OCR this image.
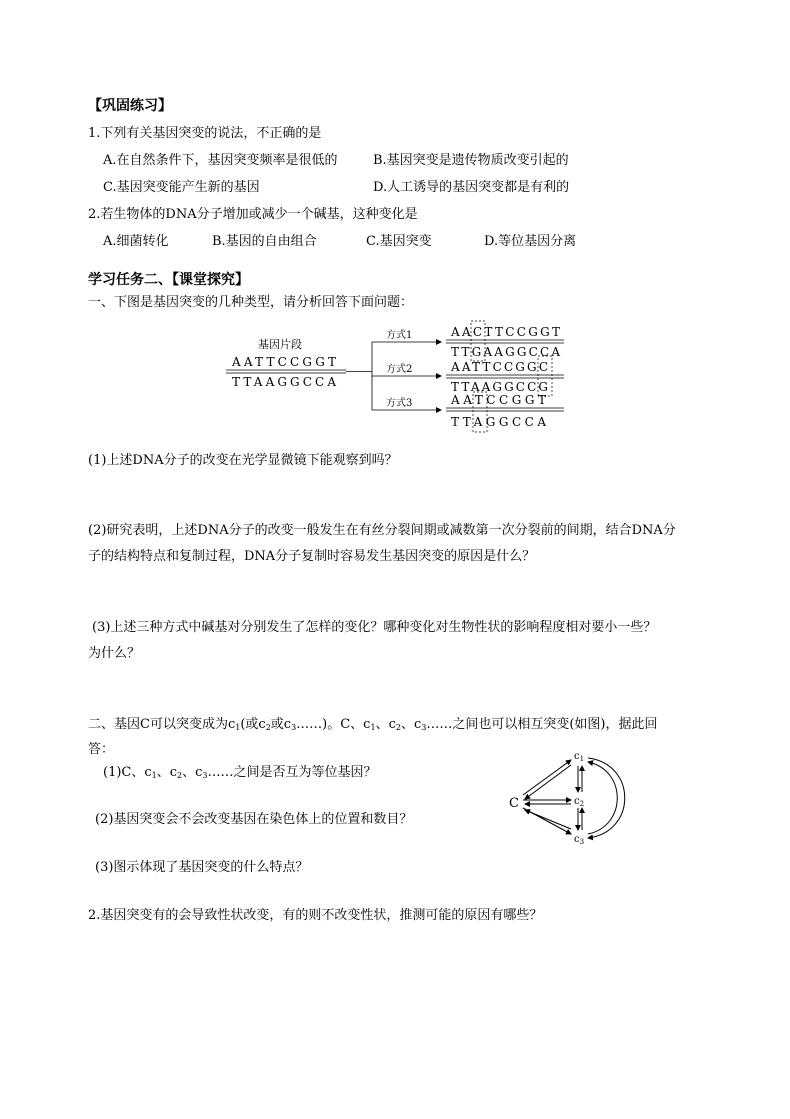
【巩固练习】
1.下列有关基因突变的说法，不正确的是
A.在自然条件下，基因突变频率是很低的	B.基因突变是遗传物质改变引起的
C.基因突变能产生新的基因	D.人工诱导的基因突变都是有利的
2.若生物体的DNA分子增加或减少一个碱基，这种变化是
A.细菌转化	B.基因的自由组合	C.基因突变	D.等位基因分离
学习任务二、【课堂探究】
一、下图是基因突变的几种类型，请分析回答下面问题：
基因片段
AATTCCGGT
TTAAGGCCA
方式1
方式2
方式3
AACTTCCGGT
TTGAAGGCCA
AATTCCGGC
TTAAGGCCG
AATCCGGT
TTAGGCCA
(1)上述DNA分子的改变在光学显微镜下能观察到吗？
(2)研究表明，上述DNA分子的改变一般发生在有丝分裂间期或减数第一次分裂前的间期，结合DNA分
子的结构特点和复制过程，DNA分子复制时容易发生基因突变的原因是什么？
(3)上述三种方式中碱基对分别发生了怎样的变化？哪种变化对生物性状的影响程度相对要小一些？
为什么？
二、基因C可以突变成为$c_1$(或$c_2$或$c_3\dots\dots$)。C、$c_1$、$c_2$、$c_3\dots\dots$之间也可以相互突变(如图)，据此回
答：
(1)C、$c_1$、$c_2$、$c_3\dots\dots$之间是否互为等位基因？
(2)基因突变会不会改变基因在染色体上的位置和数目？
(3)图示体现了基因突变的什么特点？
C
$c_1$
$c_2$
$c_3$
2.基因突变有的会导致性状改变，有的则不改变性状，推测可能的原因有哪些？
